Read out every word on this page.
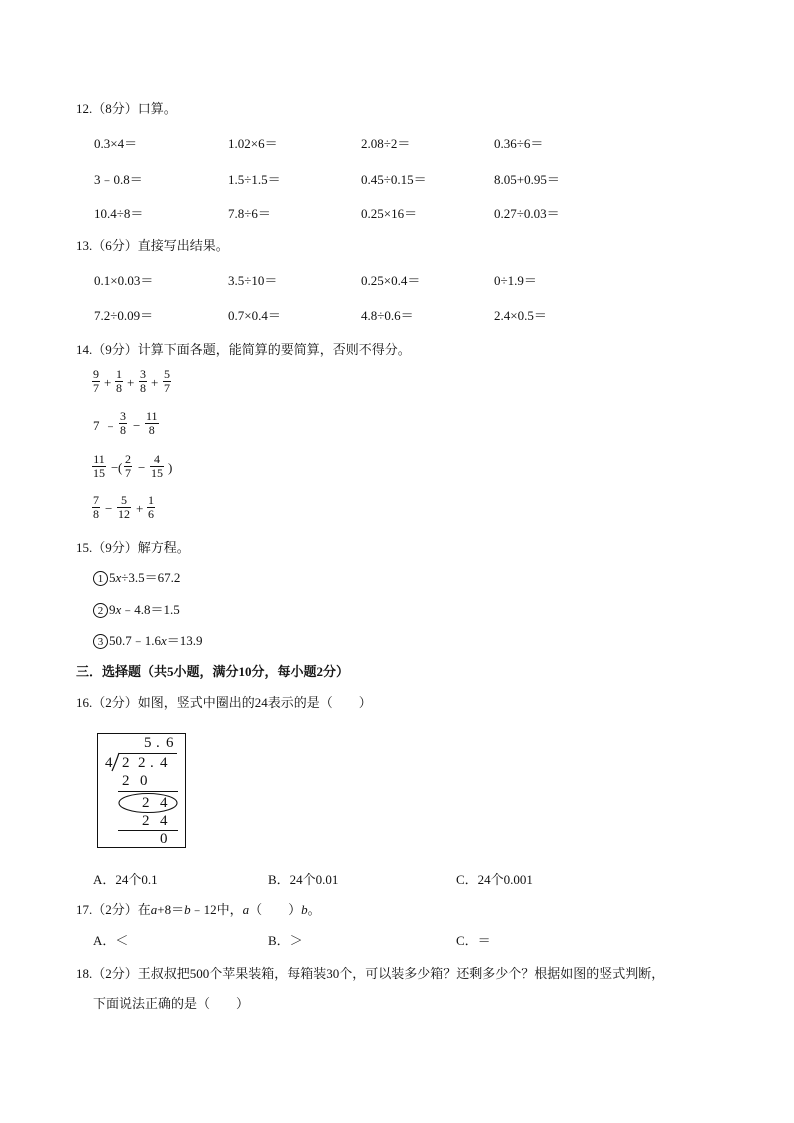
12.（8分）口算。
0.3×4＝	1.02×6＝	2.08÷2＝	0.36÷6＝
3﹣0.8＝	1.5÷1.5＝	0.45÷0.15＝	8.05+0.95＝
10.4÷8＝	7.8÷6＝	0.25×16＝	0.27÷0.03＝
13.（6分）直接写出结果。
0.1×0.03＝	3.5÷10＝	0.25×0.4＝	0÷1.9＝
7.2÷0.09＝	0.7×0.4＝	4.8÷0.6＝	2.4×0.5＝
14.（9分）计算下面各题，能简算的要简算，否则不得分。
$\frac{9}{7} + \frac{1}{8} + \frac{3}{8} + \frac{5}{7}$
7 ﹣ $\frac{3}{8} - \frac{11}{8}$
$\frac{11}{15}$ − ( $\frac{2}{7} - \frac{4}{15}$ )
$\frac{7}{8} - \frac{5}{12} + \frac{1}{6}$
15.（9分）解方程。
1 5x÷3.5＝67.2
2 9x﹣4.8＝1.5
3 50.7﹣1.6x＝13.9
三．选择题（共5小题，满分10分，每小题2分）
16.（2分）如图，竖式中圈出的24表示的是（　　）
5 . 6
4 2 2 . 4
2 0
2 4
2 4
0
A．24个0.1	B．24个0.01	C．24个0.001
17.（2分）在a+8＝b﹣12中，a（　　）b。
A．＜	B．＞	C．＝
18.（2分）王叔叔把500个苹果装箱，每箱装30个，可以装多少箱？还剩多少个？根据如图的竖式判断，
下面说法正确的是（　　）
